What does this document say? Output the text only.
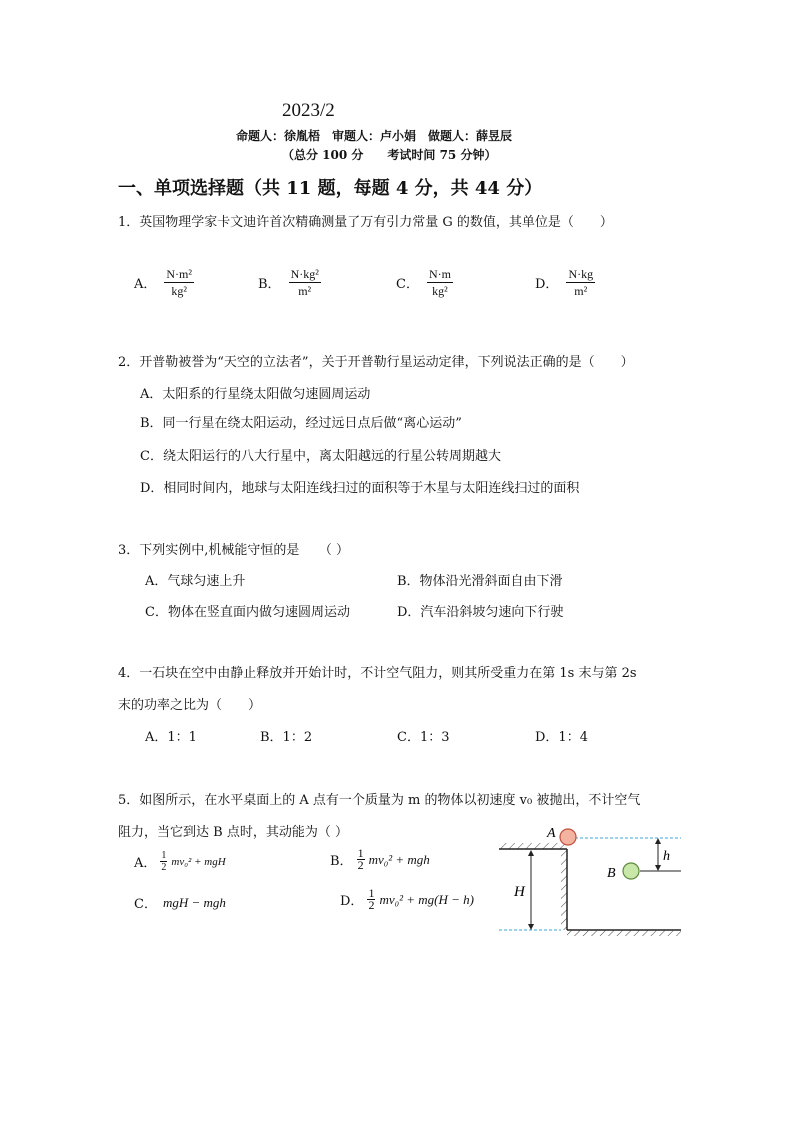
2023/2
命题人：徐胤梧　审题人：卢小娟　做题人：薛昱辰
（总分 100 分　　考试时间 75 分钟）
一、单项选择题（共 11 题，每题 4 分，共 44 分）
1．英国物理学家卡文迪许首次精确测量了万有引力常量 G 的数值，其单位是（　　）
A． $\frac{\text{N·m²}}{\text{kg²}}$	B． $\frac{\text{N·kg²}}{\text{m²}}$	C． $\frac{N\cdot m}{\text{kg²}}$	D． $\frac{N\cdot kg}{\text{m²}}$
2．开普勒被誉为“天空的立法者”，关于开普勒行星运动定律，下列说法正确的是（　　）
A．太阳系的行星绕太阳做匀速圆周运动
B．同一行星在绕太阳运动，经过远日点后做“离心运动”
C．绕太阳运行的八大行星中，离太阳越远的行星公转周期越大
D．相同时间内，地球与太阳连线扫过的面积等于木星与太阳连线扫过的面积
3．下列实例中,机械能守恒的是　　（ ）
A．气球匀速上升	B．物体沿光滑斜面自由下滑
C．物体在竖直面内做匀速圆周运动	D．汽车沿斜坡匀速向下行驶
4．一石块在空中由静止释放并开始计时，不计空气阻力，则其所受重力在第 1s 末与第 2s
末的功率之比为（　　）
A．1：1	B．1：2	C．1：3	D．1：4
5．如图所示，在水平桌面上的 A 点有一个质量为 m 的物体以初速度 v₀ 被抛出，不计空气
阻力，当它到达 B 点时，其动能为（ ）
A． $\frac{1}{2} mv_0^2$ + mgH	B． $\frac{1}{2} mv_0^2$ + mgh
C． mgH − mgh	D． $\frac{1}{2} mv_0^2 + mg(H - h)$
A
B
h
H
